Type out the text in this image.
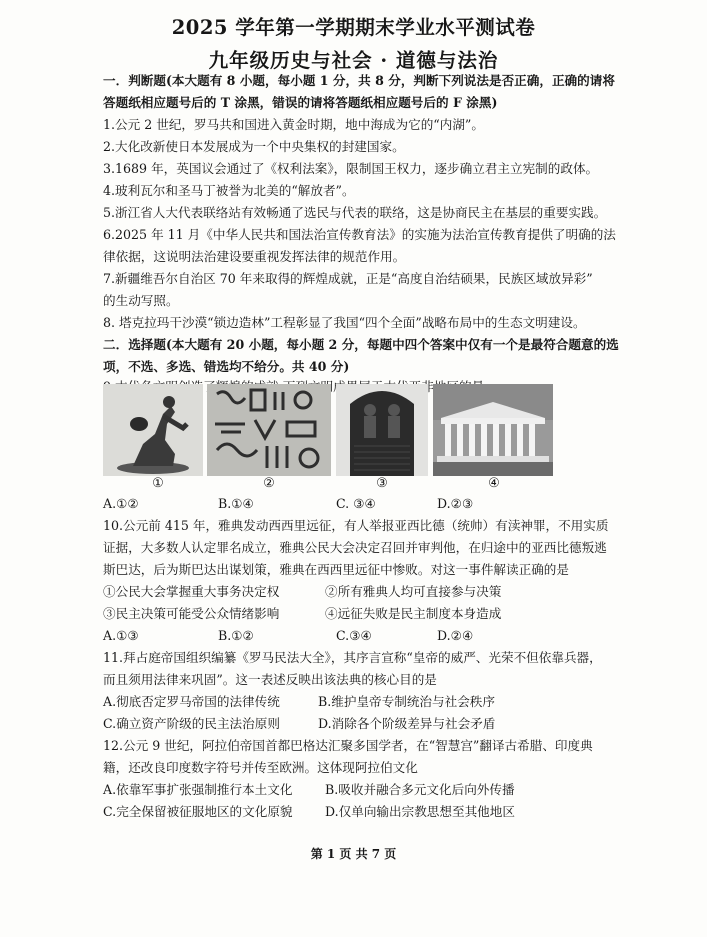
2025 学年第一学期期末学业水平测试卷
九年级历史与社会 · 道德与法治
一．判断题(本大题有 8 小题，每小题 1 分，共 8 分，判断下列说法是否正确，正确的请将
答题纸相应题号后的 T 涂黑，错误的请将答题纸相应题号后的 F 涂黑)
1.公元 2 世纪，罗马共和国进入黄金时期，地中海成为它的“内湖”。
2.大化改新使日本发展成为一个中央集权的封建国家。
3.1689 年，英国议会通过了《权利法案》，限制国王权力，逐步确立君主立宪制的政体。
4.玻利瓦尔和圣马丁被誉为北美的“解放者”。
5.浙江省人大代表联络站有效畅通了选民与代表的联络，这是协商民主在基层的重要实践。
6.2025 年 11 月《中华人民共和国法治宣传教育法》的实施为法治宣传教育提供了明确的法
律依据，这说明法治建设要重视发挥法律的规范作用。
7.新疆维吾尔自治区 70 年来取得的辉煌成就，正是“高度自治结硕果，民族区域放异彩”
的生动写照。
8. 塔克拉玛干沙漠“锁边造林”工程彰显了我国“四个全面”战略布局中的生态文明建设。
二．选择题(本大题有 20 小题，每小题 2 分，每题中四个答案中仅有一个是最符合题意的选
项，不选、多选、错选均不给分。共 40 分)
①	②	③	④
A.①②	B.①④	C. ③④	D.②③
10.公元前 415 年，雅典发动西西里远征，有人举报亚西比德（统帅）有渎神罪，不用实质
证据，大多数人认定罪名成立，雅典公民大会决定召回并审判他，在归途中的亚西比德叛逃
斯巴达，后为斯巴达出谋划策，雅典在西西里远征中惨败。对这一事件解读正确的是
①公民大会掌握重大事务决定权	②所有雅典人均可直接参与决策
③民主决策可能受公众情绪影响	④远征失败是民主制度本身造成
A.①③	B.①②	C.③④	D.②④
11.拜占庭帝国组织编纂《罗马民法大全》，其序言宣称“皇帝的威严、光荣不但依靠兵器，
而且须用法律来巩固”。这一表述反映出该法典的核心目的是
A.彻底否定罗马帝国的法律传统	B.维护皇帝专制统治与社会秩序
C.确立资产阶级的民主法治原则	D.消除各个阶级差异与社会矛盾
12.公元 9 世纪，阿拉伯帝国首都巴格达汇聚多国学者，在“智慧宫”翻译古希腊、印度典
籍，还改良印度数字符号并传至欧洲。这体现阿拉伯文化
A.依靠军事扩张强制推行本土文化	B.吸收并融合多元文化后向外传播
C.完全保留被征服地区的文化原貌	D.仅单向输出宗教思想至其他地区
第 1 页 共 7 页
